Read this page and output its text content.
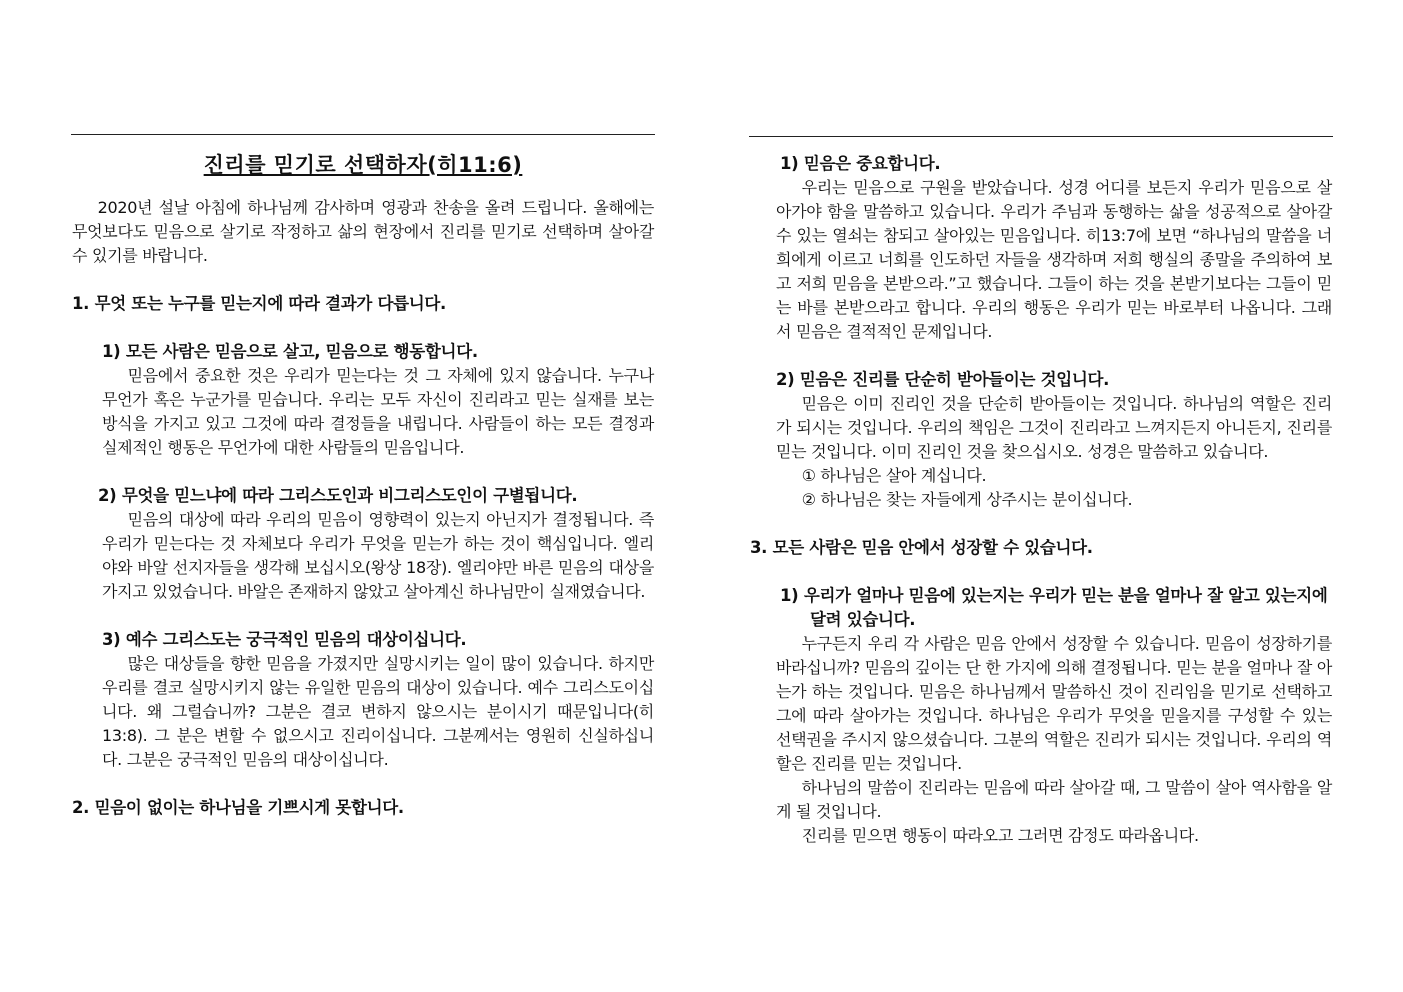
진리를 믿기로 선택하자(히11:6)

2020년 설날 아침에 하나님께 감사하며 영광과 찬송을 올려 드립니다. 올해에는 무엇보다도 믿음으로 살기로 작정하고 삶의 현장에서 진리를 믿기로 선택하며 살아갈 수 있기를 바랍니다.

1. 무엇 또는 누구를 믿는지에 따라 결과가 다릅니다.

1) 모든 사람은 믿음으로 살고, 믿음으로 행동합니다.

믿음에서 중요한 것은 우리가 믿는다는 것 그 자체에 있지 않습니다. 누구나 무언가 혹은 누군가를 믿습니다. 우리는 모두 자신이 진리라고 믿는 실재를 보는 방식을 가지고 있고 그것에 따라 결정들을 내립니다. 사람들이 하는 모든 결정과 실제적인 행동은 무언가에 대한 사람들의 믿음입니다.

2) 무엇을 믿느냐에 따라 그리스도인과 비그리스도인이 구별됩니다.

믿음의 대상에 따라 우리의 믿음이 영향력이 있는지 아닌지가 결정됩니다. 즉 우리가 믿는다는 것 자체보다 우리가 무엇을 믿는가 하는 것이 핵심입니다. 엘리야와 바알 선지자들을 생각해 보십시오(왕상 18장). 엘리야만 바른 믿음의 대상을 가지고 있었습니다. 바알은 존재하지 않았고 살아계신 하나님만이 실재였습니다.

3) 예수 그리스도는 궁극적인 믿음의 대상이십니다.

많은 대상들을 향한 믿음을 가졌지만 실망시키는 일이 많이 있습니다. 하지만 우리를 결코 실망시키지 않는 유일한 믿음의 대상이 있습니다. 예수 그리스도이십니다. 왜 그럴습니까? 그분은 결코 변하지 않으시는 분이시기 때문입니다(히13:8). 그 분은 변할 수 없으시고 진리이십니다. 그분께서는 영원히 신실하십니다. 그분은 궁극적인 믿음의 대상이십니다.

2. 믿음이 없이는 하나님을 기쁘시게 못합니다.

1) 믿음은 중요합니다.

우리는 믿음으로 구원을 받았습니다. 성경 어디를 보든지 우리가 믿음으로 살아가야 함을 말씀하고 있습니다. 우리가 주님과 동행하는 삶을 성공적으로 살아갈 수 있는 열쇠는 참되고 살아있는 믿음입니다. 히13:7에 보면 “하나님의 말씀을 너희에게 이르고 너희를 인도하던 자들을 생각하며 저희 행실의 종말을 주의하여 보고 저희 믿음을 본받으라.”고 했습니다. 그들이 하는 것을 본받기보다는 그들이 믿는 바를 본받으라고 합니다. 우리의 행동은 우리가 믿는 바로부터 나옵니다. 그래서 믿음은 결적적인 문제입니다.

2) 믿음은 진리를 단순히 받아들이는 것입니다.

믿음은 이미 진리인 것을 단순히 받아들이는 것입니다. 하나님의 역할은 진리가 되시는 것입니다. 우리의 책임은 그것이 진리라고 느껴지든지 아니든지, 진리를 믿는 것입니다. 이미 진리인 것을 찾으십시오. 성경은 말씀하고 있습니다.

① 하나님은 살아 계십니다.

② 하나님은 찾는 자들에게 상주시는 분이십니다.

3. 모든 사람은 믿음 안에서 성장할 수 있습니다.

1) 우리가 얼마나 믿음에 있는지는 우리가 믿는 분을 얼마나 잘 알고 있는지에 달려 있습니다.

누구든지 우리 각 사람은 믿음 안에서 성장할 수 있습니다. 믿음이 성장하기를 바라십니까? 믿음의 깊이는 단 한 가지에 의해 결정됩니다. 믿는 분을 얼마나 잘 아는가 하는 것입니다. 믿음은 하나님께서 말씀하신 것이 진리임을 믿기로 선택하고 그에 따라 살아가는 것입니다. 하나님은 우리가 무엇을 믿을지를 구성할 수 있는 선택권을 주시지 않으셨습니다. 그분의 역할은 진리가 되시는 것입니다. 우리의 역할은 진리를 믿는 것입니다.

하나님의 말씀이 진리라는 믿음에 따라 살아갈 때, 그 말씀이 살아 역사함을 알게 될 것입니다.

진리를 믿으면 행동이 따라오고 그러면 감정도 따라옵니다.
